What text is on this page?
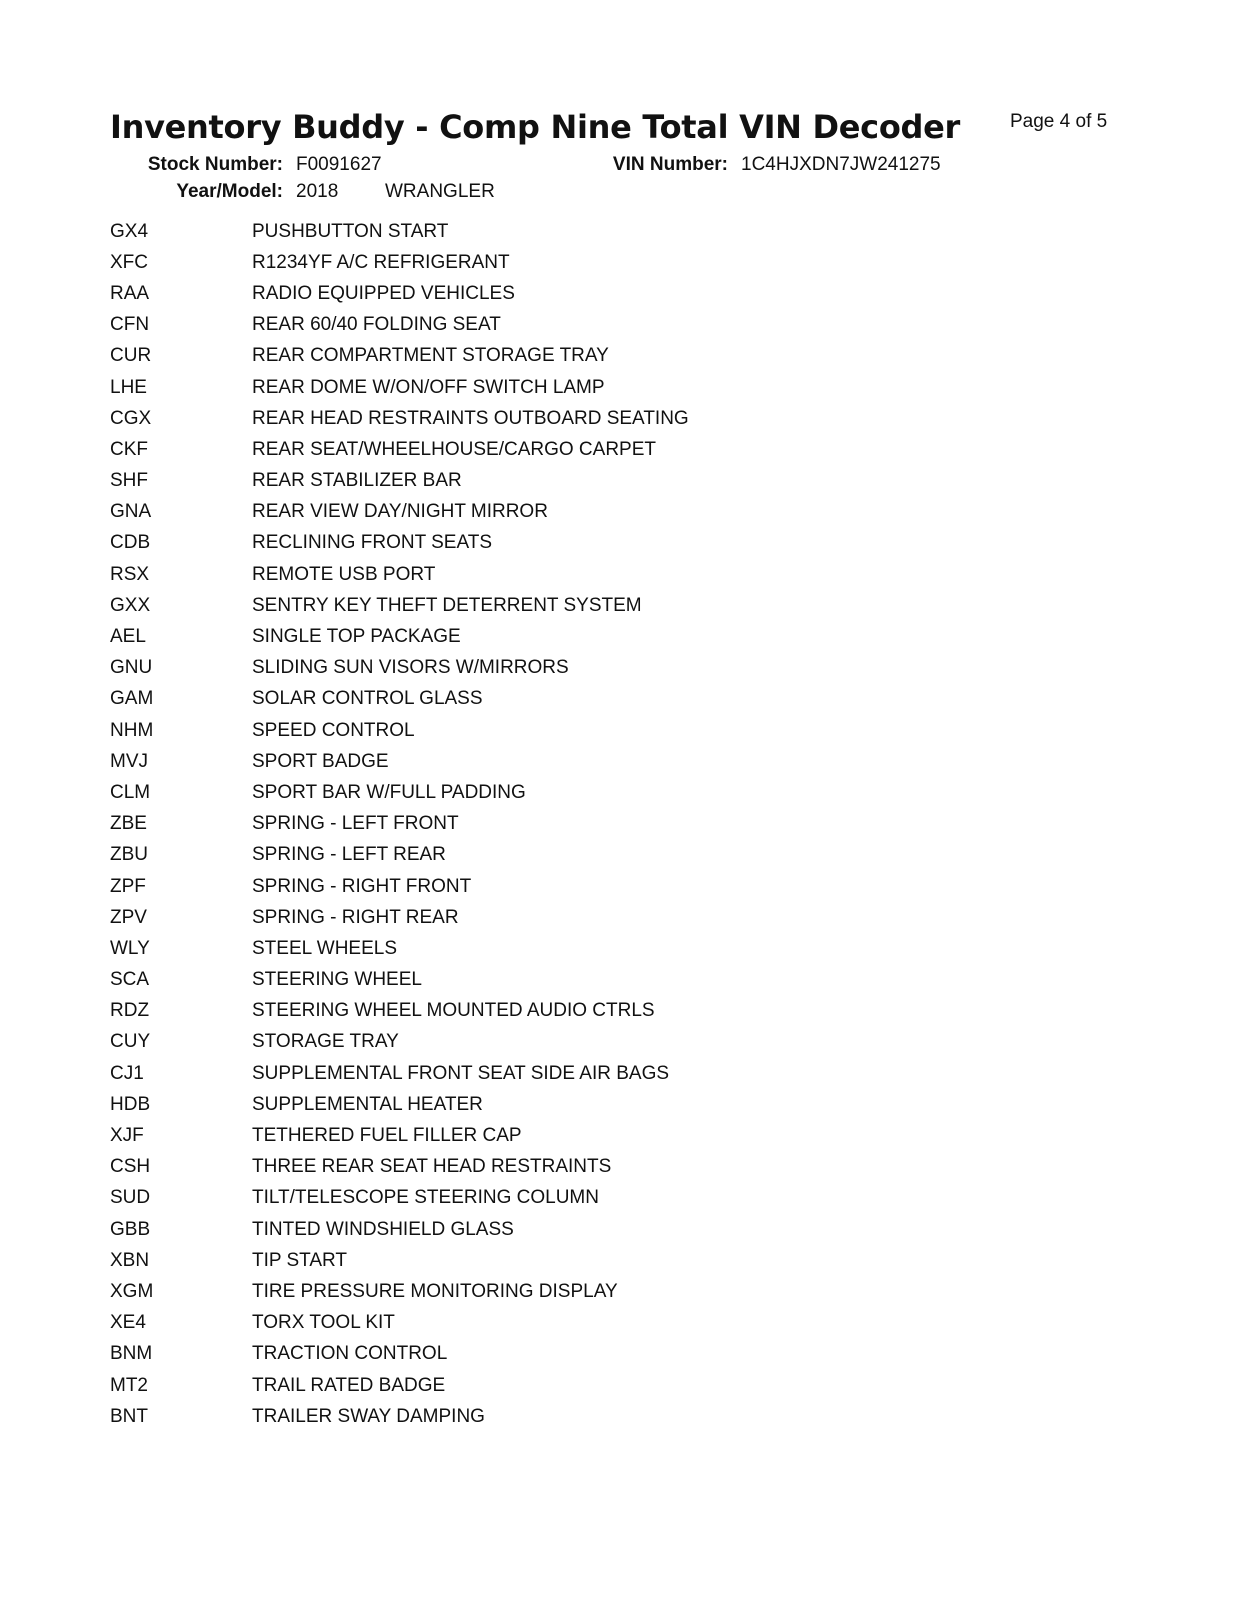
Inventory Buddy - Comp Nine Total VIN Decoder	Page 4 of 5
Stock Number: F0091627	VIN Number: 1C4HJXDN7JW241275
Year/Model: 2018 WRANGLER
GX4	PUSHBUTTON START
XFC	R1234YF A/C REFRIGERANT
RAA	RADIO EQUIPPED VEHICLES
CFN	REAR 60/40 FOLDING SEAT
CUR	REAR COMPARTMENT STORAGE TRAY
LHE	REAR DOME W/ON/OFF SWITCH LAMP
CGX	REAR HEAD RESTRAINTS OUTBOARD SEATING
CKF	REAR SEAT/WHEELHOUSE/CARGO CARPET
SHF	REAR STABILIZER BAR
GNA	REAR VIEW DAY/NIGHT MIRROR
CDB	RECLINING FRONT SEATS
RSX	REMOTE USB PORT
GXX	SENTRY KEY THEFT DETERRENT SYSTEM
AEL	SINGLE TOP PACKAGE
GNU	SLIDING SUN VISORS W/MIRRORS
GAM	SOLAR CONTROL GLASS
NHM	SPEED CONTROL
MVJ	SPORT BADGE
CLM	SPORT BAR W/FULL PADDING
ZBE	SPRING - LEFT FRONT
ZBU	SPRING - LEFT REAR
ZPF	SPRING - RIGHT FRONT
ZPV	SPRING - RIGHT REAR
WLY	STEEL WHEELS
SCA	STEERING WHEEL
RDZ	STEERING WHEEL MOUNTED AUDIO CTRLS
CUY	STORAGE TRAY
CJ1	SUPPLEMENTAL FRONT SEAT SIDE AIR BAGS
HDB	SUPPLEMENTAL HEATER
XJF	TETHERED FUEL FILLER CAP
CSH	THREE REAR SEAT HEAD RESTRAINTS
SUD	TILT/TELESCOPE STEERING COLUMN
GBB	TINTED WINDSHIELD GLASS
XBN	TIP START
XGM	TIRE PRESSURE MONITORING DISPLAY
XE4	TORX TOOL KIT
BNM	TRACTION CONTROL
MT2	TRAIL RATED BADGE
BNT	TRAILER SWAY DAMPING
